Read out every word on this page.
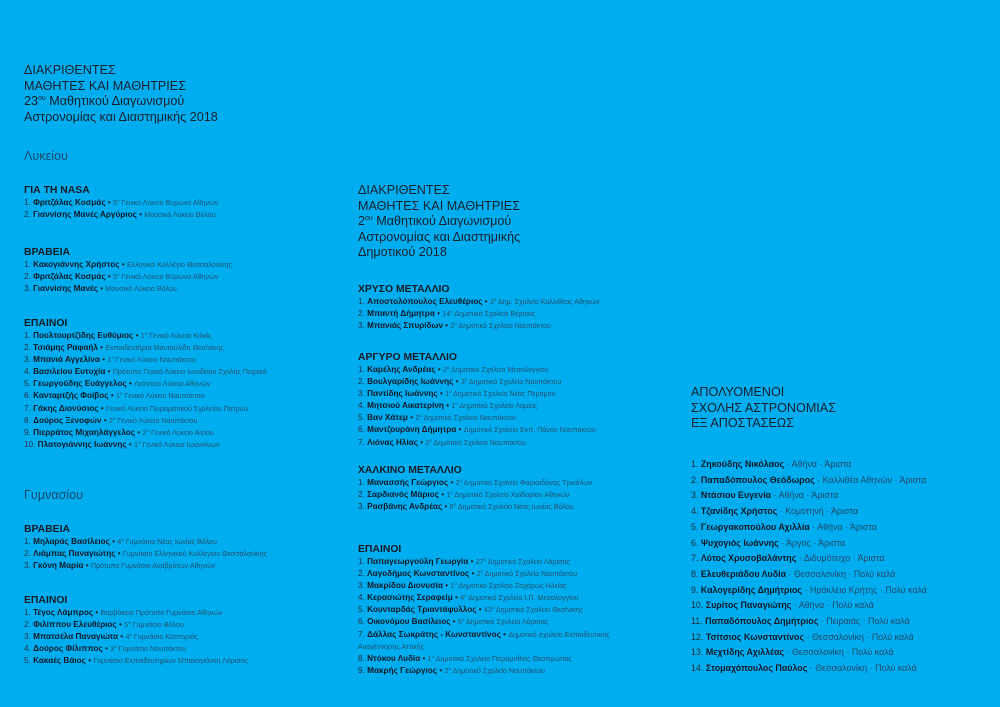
ΔΙΑΚΡΙΘΕΝΤΕΣ
ΜΑΘΗΤΕΣ ΚΑΙ ΜΑΘΗΤΡΙΕΣ
$23^{o\upsilon}$ Μαθητικού Διαγωνισμού
Αστρονομίας και Διαστημικής 2018
Λυκείου
ΓΙΑ ΤΗ NASA
1. Φριτζάλας Κοσμάς • $5^o$ Γενικό Λύκειο Βύρωνα Αθηνών
2. Γιαννίσης Μανές Αργύριος • Μουσικό Λύκειο Βόλου
ΒΡΑΒΕΙΑ
1. Κακογιάννης Χρήστος • Ελληνικό Κολλέγιο Θεσσαλονίκης
2. Φριτζάλας Κοσμάς • $5^o$ Γενικό Λύκειο Βύρωνα Αθηνών
3. Γιαννίσης Μανές • Μουσικό Λύκειο Βόλου
ΕΠΑΙΝΟΙ
1. Πουλτουρτζίδης Ευθύμιος • $1^o$ Γενικό Λύκειο Κιλκίς
2. Τσιάμης Ραφαήλ • Εκπαιδευτήρια Μαντουλίδη Θεσ/νίκης
3. Μπανιά Αγγελίνα • $1^o$ Γενικό Λύκειο Ναυπάκτου
4. Βασιλείου Ευτυχία • Πρότυπο Γενικό Λύκειο Ιωνιδείου Σχολής Πειραιά
5. Γεωργούδης Ευάγγελος • Λεόντειο Λύκειο Αθηνών
6. Κανταρτζής Φοίβος • $1^o$ Γενικό Λύκειο Ναυπάκτου
7. Γάκης Διονύσιος • Γενικό Λύκειο Πειραματικού Σχολείου Πατρών
8. Δούρος Ξενοφών • $2^o$ Γενικό Λύκειο Ναυπάκτου
9. Πιερράτος Μιχαηλάγγελος • $2^o$ Γενικό Λύκειο Αιγίου
10. Πλατογιάννης Ιωάννης • $1^o$ Γενικό Λύκειο Ιωαννίνων
Γυμνασίου
ΒΡΑΒΕΙΑ
1. Μηλαράς Βασίλειος • $4^o$ Γυμνάσιο Νέας Ιωνίας Βόλου
2. Λιάμπας Παναγιώτης • Γυμνάσιο Ελληνικού Κολλεγίου Θεσσαλονίκης
3. Γκόνη Μαρία • Πρότυπο Γυμνάσιο Αναβρύτων Αθηνών
ΕΠΑΙΝΟΙ
1. Τέγος Λάμπρος • Βαρβάκειο Πρότυπο Γυμνάσιο Αθηνών
2. Φιλίππου Ελευθέριος • $5^o$ Γυμνάσιο Βόλου
3. Μπατσέλα Παναγιώτα • $4^o$ Γυμνάσιο Καστοριάς
4. Δούρος Φίλιππος • $3^o$ Γυμνάσιο Ναυπάκτου
5. Κακαές Βάιος • Γυμνάσιο Εκπαιδευτηρίων Μπακογιάννη Λάρισας
ΔΙΑΚΡΙΘΕΝΤΕΣ
ΜΑΘΗΤΕΣ ΚΑΙ ΜΑΘΗΤΡΙΕΣ
$2^{o\upsilon}$ Μαθητικού Διαγωνισμού
Αστρονομίας και Διαστημικής
Δημοτικού 2018
ΧΡΥΣΟ ΜΕΤΑΛΛΙΟ
1. Αποστολόπουλος Ελευθέριος • $2^o$ Δημ. Σχολείο Καλλιθέας Αθηνών
2. Μπαντή Δήμητρα • $14^o$ Δημοτικό Σχολείο Βέροιας
3. Μπανιάς Σπυρίδων • $2^o$ Δημοτικό Σχολείο Ναυπάκτου
ΑΡΓΥΡΟ ΜΕΤΑΛΛΙΟ
1. Καρέλης Ανδρέας • $2^o$ Δημοτικό Σχολείο Μεσολογγίου
2. Βουλγαρίδης Ιωάννης • $3^o$ Δημοτικό Σχολείο Ναυπάκτου
3. Παντίδης Ιωάννης • $1^o$ Δημοτικό Σχολείο Νέας Περάμου
4. Μητσιού Αικατερίνη • $1^o$ Δημοτικό Σχολείο Λαμίας
5. Βαν Χάτεμ • $2^o$ Δημοτικό Σχολείο Ναυπάκτου
6. Μαντζουράνη Δήμητρα • Δημοτικό Σχολείο Εκπ. Πάνου Ναυπάκτου
7. Λιόνας Ηλίας • $2^o$ Δημοτικό Σχολείο Ναυπάκτου
ΧΑΛΚΙΝΟ ΜΕΤΑΛΛΙΟ
1. Μανασσής Γεώργιος • $2^o$ Δημοτικό Σχολείο Φαρκαδόνας Τρικάλων
2. Σαρδιανός Μάριος • $1^o$ Δημοτικό Σχολείο Χαϊδαρίου Αθηνών
3. Ρασβάνης Ανδρέας • $8^o$ Δημοτικό Σχολείο Νέας Ιωνίας Βόλου
ΕΠΑΙΝΟΙ
1. Παπαγεωργούλη Γεωργία • $27^o$ Δημοτικό Σχολείο Λάρισας
2. Λαγοδήμος Κωνσταντίνος • $2^o$ Δημοτικό Σχολείο Ναυπάκτου
3. Μακρίδου Διονυσία • $1^o$ Δημοτικό Σχολείο Ζαχάρως Ηλείας
4. Κερασιώτης Σεραφείμ • $4^o$ Δημοτικό Σχολείο Ι.Π. Μεσολογγίου
5. Κουνταρδάς Τριαντάφυλλος • $43^o$ Δημοτικό Σχολείο Θεσ/νίκης
6. Οικονόμου Βασίλειος • $6^o$ Δημοτικό Σχολείο Λάρισας
7. Δάλλας Σωκράτης - Κωνσταντίνος • Δημοτικό σχολείο Εκπαιδευτικής Αναγέννησης Αττικής
8. Ντόκου Λυδία • $1^o$ Δημοτικό Σχολείο Παραμυθιάς Θεσπρωτίας
9. Μακρής Γεώργιος • $2^o$ Δημοτικό Σχολείο Ναυπάκτου
ΑΠΟΛΥΟΜΕΝΟΙ
ΣΧΟΛΗΣ ΑΣΤΡΟΝΟΜΙΑΣ
ΕΞ ΑΠΟΣΤΑΣΕΩΣ
1. Ζηκούδης Νικόλαος · Αθήνα · Άριστα
2. Παπαδόπουλος Θεόδωρος · Καλλιθέα Αθηνών · Άριστα
3. Ντάσιου Ευγενία · Αθήνα · Άριστα
4. Τζανίδης Χρήστος · Κομοτηνή · Άριστα
5. Γεωργακοπούλου Αχιλλία · Αθήνα · Άριστα
6. Ψυχογιός Ιωάννης · Άργος · Άριστα
7. Λύτος Χρυσοβαλάντης · Διδυμότειχο · Άριστα
8. Ελευθεριάδου Λυδία · Θεσσαλονίκη · Πολύ καλά
9. Καλογερίδης Δημήτριος · Ηράκλειο Κρήτης · Πολύ καλά
10. Συρίτος Παναγιώτης · Αθήνα · Πολύ καλά
11. Παπαδόπουλος Δημήτριος · Πειραιάς · Πολύ καλά
12. Τσίτσιος Κωνσταντίνος · Θεσσαλονίκη · Πολύ καλά
13. Μεχτίδης Αχιλλέας · Θεσσαλονίκη · Πολύ καλά
14. Στομαχόπουλος Παύλος · Θεσσαλονίκη · Πολύ καλά
